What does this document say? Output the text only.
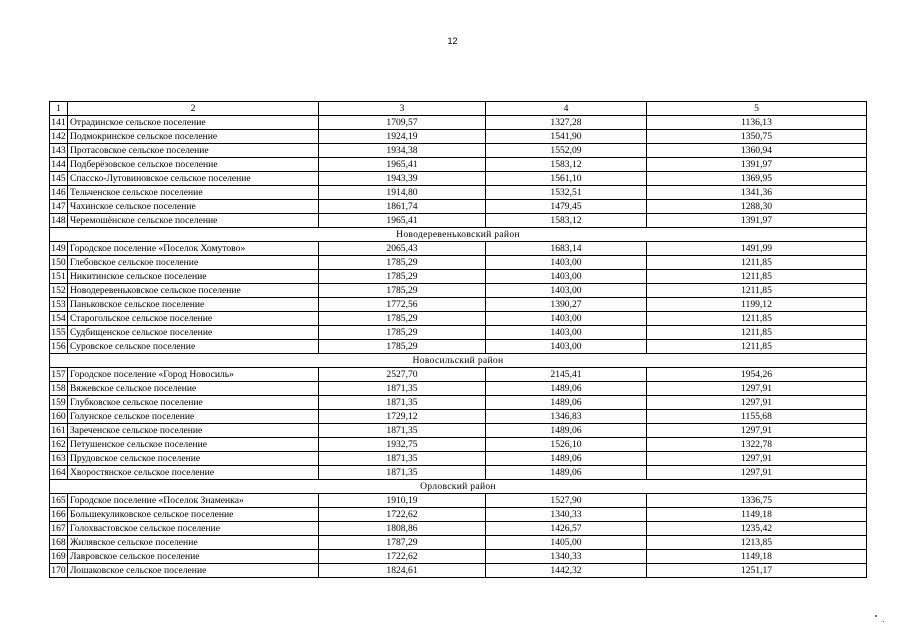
12
1	2	3	4	5	
141	Отрадинское сельское поселение	1709,57	1327,28	1136,13	
142	Подмокринское сельское поселение	1924,19	1541,90	1350,75	
143	Протасовское сельское поселение	1934,38	1552,09	1360,94	
144	Подберёзовское сельское поселение	1965,41	1583,12	1391,97	
145	Спасско-Лутовиновское сельское поселение	1943,39	1561,10	1369,95	
146	Тельченское сельское поселение	1914,80	1532,51	1341,36	
147	Чахинское сельское поселение	1861,74	1479,45	1288,30	
148	Черемошёнское сельское поселение	1965,41	1583,12	1391,97	
Новодеревеньковский район					
149	Городское поселение «Поселок Хомутово»	2065,43	1683,14	1491,99	
150	Глебовское сельское поселение	1785,29	1403,00	1211,85	
151	Никитинское сельское поселение	1785,29	1403,00	1211,85	
152	Новодеревеньковское сельское поселение	1785,29	1403,00	1211,85	
153	Паньковское сельское поселение	1772,56	1390,27	1199,12	
154	Старогольское сельское поселение	1785,29	1403,00	1211,85	
155	Судбищенское сельское поселение	1785,29	1403,00	1211,85	
156	Суровское сельское поселение	1785,29	1403,00	1211,85	
Новосильский район					
157	Городское поселение «Город Новосиль»	2527,70	2145,41	1954,26	
158	Вяжевское сельское поселение	1871,35	1489,06	1297,91	
159	Глубковское сельское поселение	1871,35	1489,06	1297,91	
160	Голунское сельское поселение	1729,12	1346,83	1155,68	
161	Зареченское сельское поселение	1871,35	1489,06	1297,91	
162	Петушенское сельское поселение	1932,75	1526,10	1322,78	
163	Прудовское сельское поселение	1871,35	1489,06	1297,91	
164	Хворостянское сельское поселение	1871,35	1489,06	1297,91	
Орловский район					
165	Городское поселение «Поселок Знаменка»	1910,19	1527,90	1336,75	
166	Большекуликовское сельское поселение	1722,62	1340,33	1149,18	
167	Голохвастовское сельское поселение	1808,86	1426,57	1235,42	
168	Жилявское сельское поселение	1787,29	1405,00	1213,85	
169	Лавровское сельское поселение	1722,62	1340,33	1149,18	
170	Лошаковское сельское поселение	1824,61	1442,32	1251,17	
